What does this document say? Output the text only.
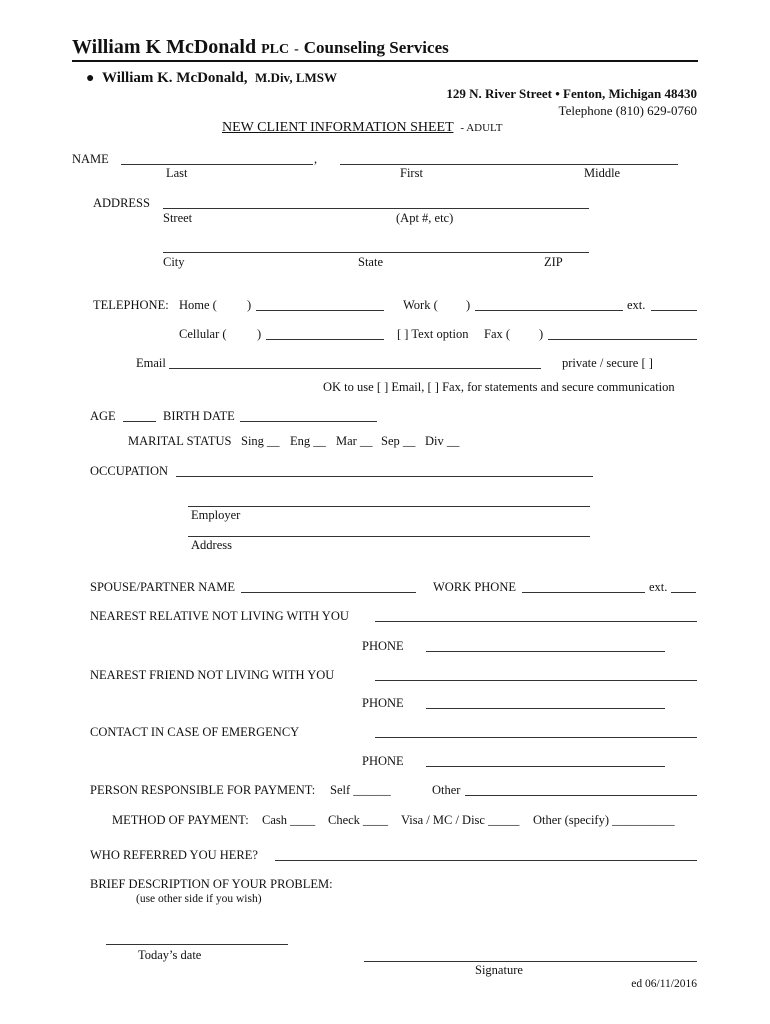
William K McDonald PLC - Counseling Services
● William K. McDonald, M.Div, LMSW
129 N. River Street • Fenton, Michigan 48430
Telephone (810) 629-0760
NEW CLIENT INFORMATION SHEET - ADULT
NAME	,
Last	First	Middle
ADDRESS
Street	(Apt #, etc)
City	State	ZIP
TELEPHONE: Home ( )	Work ( )	ext.
Cellular ( )	[ ] Text option Fax ( )
Email	private / secure [ ]
OK to use [ ] Email, [ ] Fax, for statements and secure communication
AGE	BIRTH DATE
MARITAL STATUS Sing __ Eng __ Mar __ Sep __ Div __
OCCUPATION
Employer
Address
SPOUSE/PARTNER NAME	WORK PHONE	ext.
NEAREST RELATIVE NOT LIVING WITH YOU
PHONE
NEAREST FRIEND NOT LIVING WITH YOU
PHONE
CONTACT IN CASE OF EMERGENCY
PHONE
PERSON RESPONSIBLE FOR PAYMENT: Self ______	Other
METHOD OF PAYMENT: Cash ____ Check ____ Visa / MC / Disc _____ Other (specify) __________
WHO REFERRED YOU HERE?
BRIEF DESCRIPTION OF YOUR PROBLEM:
(use other side if you wish)
Today’s date
Signature
ed 06/11/2016
